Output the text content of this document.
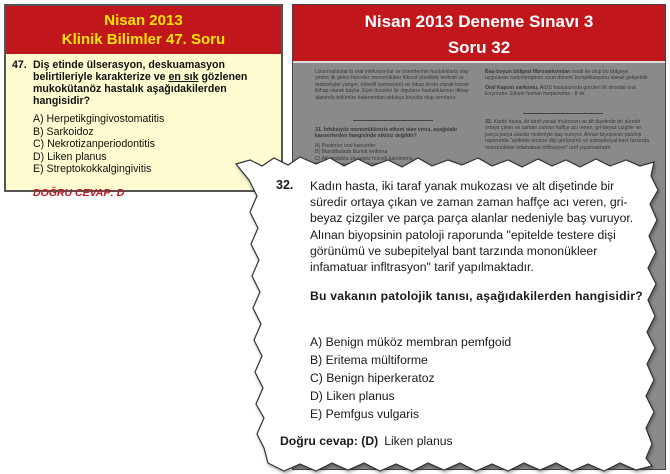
Nisan 2013
Klinik Bilimler 47. Soru
47. Diş etinde ülserasyon, deskuamasyon belirtileriyle karakterize ve en sık gözlenen mukokütanöz hastalık aşağıdakilerden hangisidir?
A) Herpetikgingivostomatitis
B) Sarkoidoz
C) Nekrotizanperiodontitis
D) Liken planus
E) Streptokokkalgingivitis
DOĞRU CEVAP: D
Nisan 2013 Deneme Sınavı 3
Soru 32

Uzunmalistiral tü oral infeksiyonlar ve önemlerinin hastalıklarla olay yerine ilk gelen hücreler mononükleer lökosit (özellikle lenfosit ve makrofajlar yangın, nötrofil içermeyen) ve lökap direkt olarak kronik iltihap olarak başlar. Epin önceleri ile olguların hastalıklarının iltihap alanında bölümler bakımından oldukça boyutta olup sınırlanır.

31. İnfeksiyöz mononükleozis etkeni olan virus, aşağıdaki kanserlerden hangisinde etkisiz değildir?

A) Posterior oral kanserler
B) Mandibulada Burkitt lenfoma
C) AK dudakta skuamöz hücreli karsinoma

Baş-boyun bölgesi fibrosarkomları nadir ile olup bu bölgeye uygulanan radyoterapinin uzun dönem komplikasyonu olarak gelişebilir.

Oral Kaposi sarkomu, AIDS hastalarında görülen ilk sinsidal oral lezyondur. Etkeni human herpesvirüs - 8 dir.

32. Kadın hasta, iki taraf yanak mukozası ve alt dişetinde bir süredir ortaya çıkan ve zaman zaman haffçe acı veren, gri-beyaz çizgiler ve parça parça alanlar nedeniyle baş vuruyor. Alınan biyopsinin patoloji raporunda "epitelde testere dişi görünümü ve subepitelyal bant tarzında mononükleer infamatuar infltrasyon" tarif yapılmaktadır.

32. Kadın hasta, iki taraf yanak mukozası ve alt dişetinde bir süredir ortaya çıkan ve zaman zaman haffçe acı veren, gri-beyaz çizgiler ve parça parça alanlar nedeniyle baş vuruyor. Alınan biyopsinin patoloji raporunda "epitelde testere dişi görünümü ve subepitelyal bant tarzında mononükleer infamatuar infltrasyon" tarif yapılmaktadır.
Bu vakanın patolojik tanısı, aşağıdakilerden hangisidir?
A) Benign müköz membran pemfgoid
B) Eritema mültiforme
C) Benign hiperkeratoz
D) Liken planus
E) Pemfgus vulgaris
Doğru cevap: (D) Liken planus
